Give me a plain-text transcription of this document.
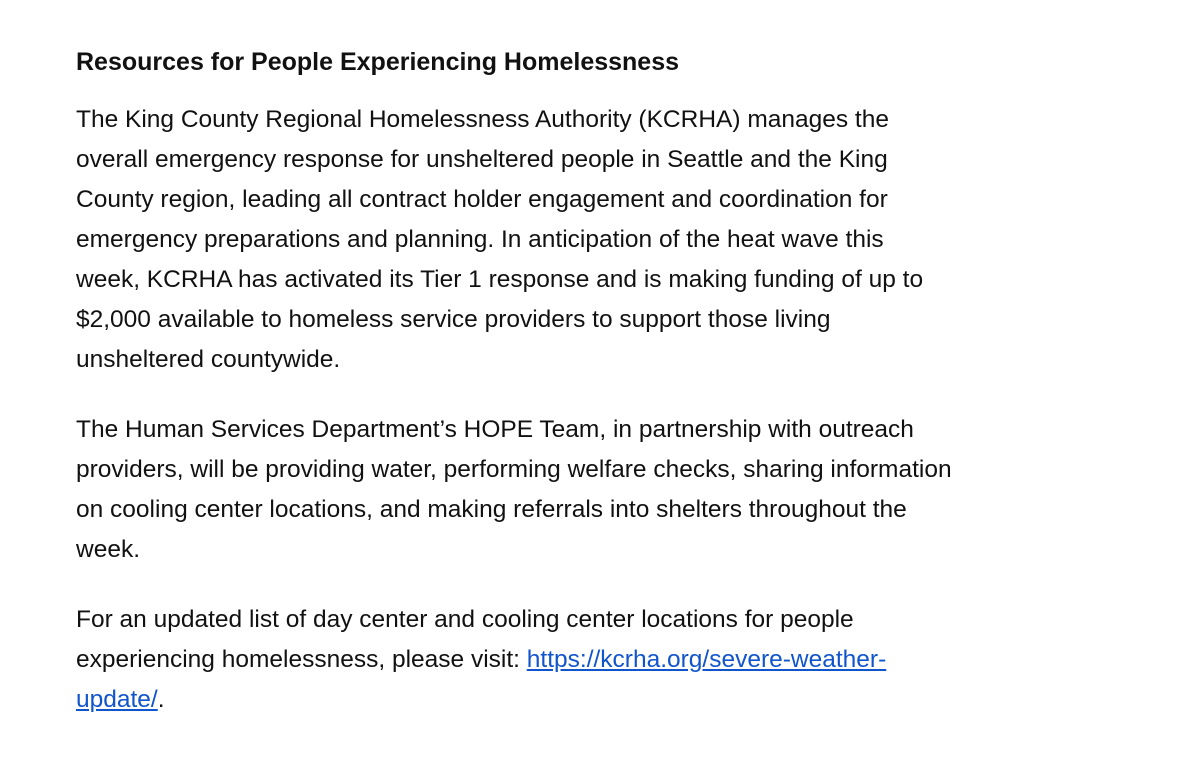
Resources for People Experiencing Homelessness
The King County Regional Homelessness Authority (KCRHA) manages the
overall emergency response for unsheltered people in Seattle and the King
County region, leading all contract holder engagement and coordination for
emergency preparations and planning. In anticipation of the heat wave this
week, KCRHA has activated its Tier 1 response and is making funding of up to
$2,000 available to homeless service providers to support those living
unsheltered countywide.
The Human Services Department’s HOPE Team, in partnership with outreach
providers, will be providing water, performing welfare checks, sharing information
on cooling center locations, and making referrals into shelters throughout the
week.
For an updated list of day center and cooling center locations for people
experiencing homelessness, please visit: https://kcrha.org/severe-weather-
update/.
